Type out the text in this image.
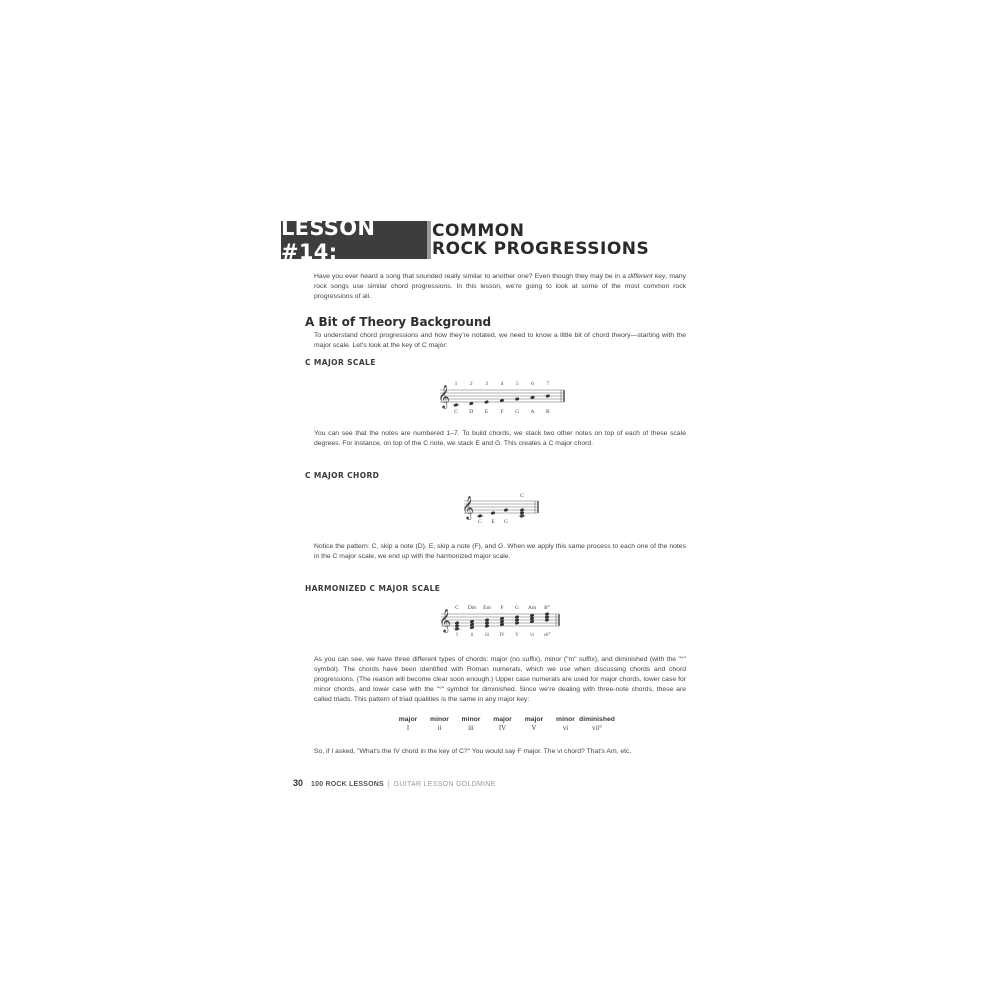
LESSON #14:
COMMON
ROCK PROGRESSIONS

Have you ever heard a song that sounded really similar to another one? Even though they may be in a different key, many rock songs use similar chord progressions. In this lesson, we're going to look at some of the most common rock progressions of all.

A Bit of Theory Background

To understand chord progressions and how they're notated, we need to know a little bit of chord theory—starting with the major scale. Let's look at the key of C major:

C MAJOR SCALE
𝄞
1
C
2
D
3
E
4
F
5
G
6
A
7
B
You can see that the notes are numbered 1–7. To build chords, we stack two other notes on top of each of these scale degrees. For instance, on top of the C note, we stack E and G. This creates a C major chord.
C MAJOR CHORD
𝄞
C E G
C
Notice the pattern: C, skip a note (D), E, skip a note (F), and G. When we apply this same process to each one of the notes in the C major scale, we end up with the harmonized major scale.
HARMONIZED C MAJOR SCALE
𝄞
C
I
Dm
ii
Em
iii
F
IV
G
V
Am
vi
B°
vii°
As you can see, we have three different types of chords: major (no suffix), minor ("m" suffix), and diminished (with the "°" symbol). The chords have been identified with Roman numerals, which we use when discussing chords and chord progressions. (The reason will become clear soon enough.) Upper case numerals are used for major chords, lower case for minor chords, and lower case with the "°" symbol for diminished. Since we're dealing with three-note chords, these are called triads. This pattern of triad qualities is the same in any major key:
major
I
minor
ii
minor
iii
major
IV
major
V
minor
vi
diminished
vii°
So, if I asked, "What's the IV chord in the key of C?" You would say F major. The vi chord? That's Am, etc.
30 100 ROCK LESSONS | GUITAR LESSON GOLDMINE
